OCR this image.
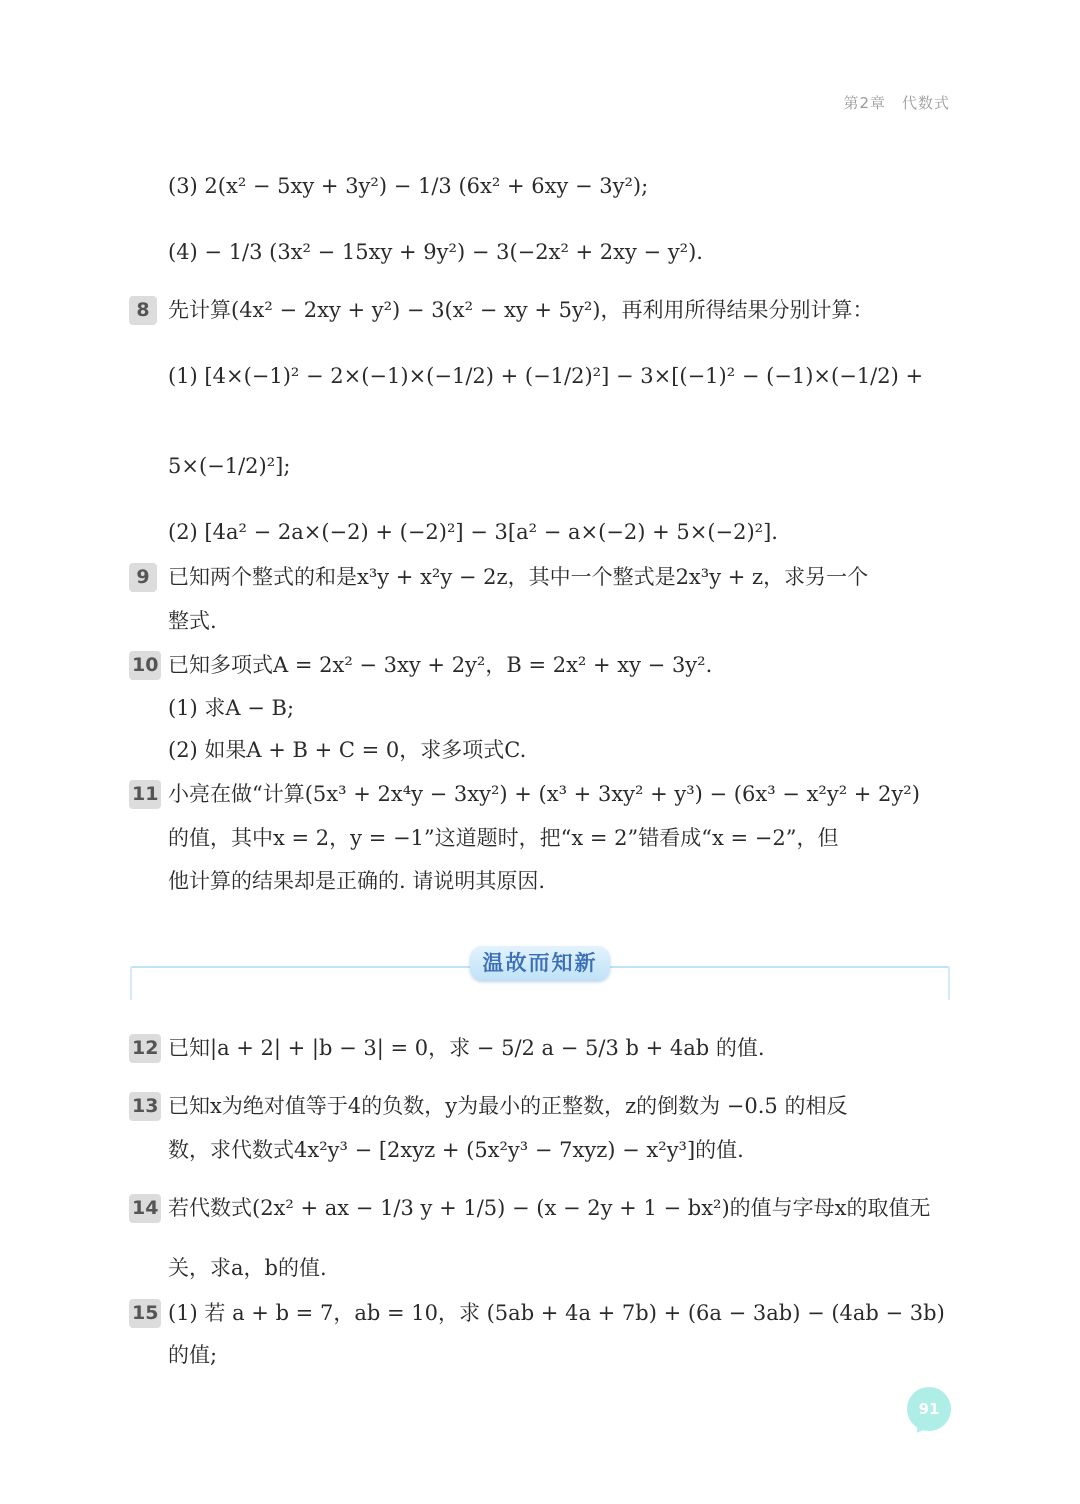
第2章　代数式
(3) 2(x² − 5xy + 3y²) − 1/3 (6x² + 6xy − 3y²);
(4) − 1/3 (3x² − 15xy + 9y²) − 3(−2x² + 2xy − y²).
8 先计算(4x² − 2xy + y²) − 3(x² − xy + 5y²)，再利用所得结果分别计算：
(1) [4×(−1)² − 2×(−1)×(−1/2) + (−1/2)²] − 3×[(−1)² − (−1)×(−1/2) +
5×(−1/2)²];
(2) [4a² − 2a×(−2) + (−2)²] − 3[a² − a×(−2) + 5×(−2)²].
9 已知两个整式的和是x³y + x²y − 2z，其中一个整式是2x³y + z，求另一个
整式.
10 已知多项式A = 2x² − 3xy + 2y²，B = 2x² + xy − 3y².
(1) 求A − B;
(2) 如果A + B + C = 0，求多项式C.
11 小亮在做“计算(5x³ + 2x⁴y − 3xy²) + (x³ + 3xy² + y³) − (6x³ − x²y² + 2y²)
的值，其中x = 2，y = −1”这道题时，把“x = 2”错看成“x = −2”，但
他计算的结果却是正确的. 请说明其原因.
温故而知新
12 已知|a + 2| + |b − 3| = 0，求 − 5/2 a − 5/3 b + 4ab 的值.
13 已知x为绝对值等于4的负数，y为最小的正整数，z的倒数为 −0.5 的相反
数，求代数式4x²y³ − [2xyz + (5x²y³ − 7xyz) − x²y³]的值.
14 若代数式(2x² + ax − 1/3 y + 1/5) − (x − 2y + 1 − bx²)的值与字母x的取值无
关，求a，b的值.
15 (1) 若 a + b = 7，ab = 10，求 (5ab + 4a + 7b) + (6a − 3ab) − (4ab − 3b)
的值;
91
